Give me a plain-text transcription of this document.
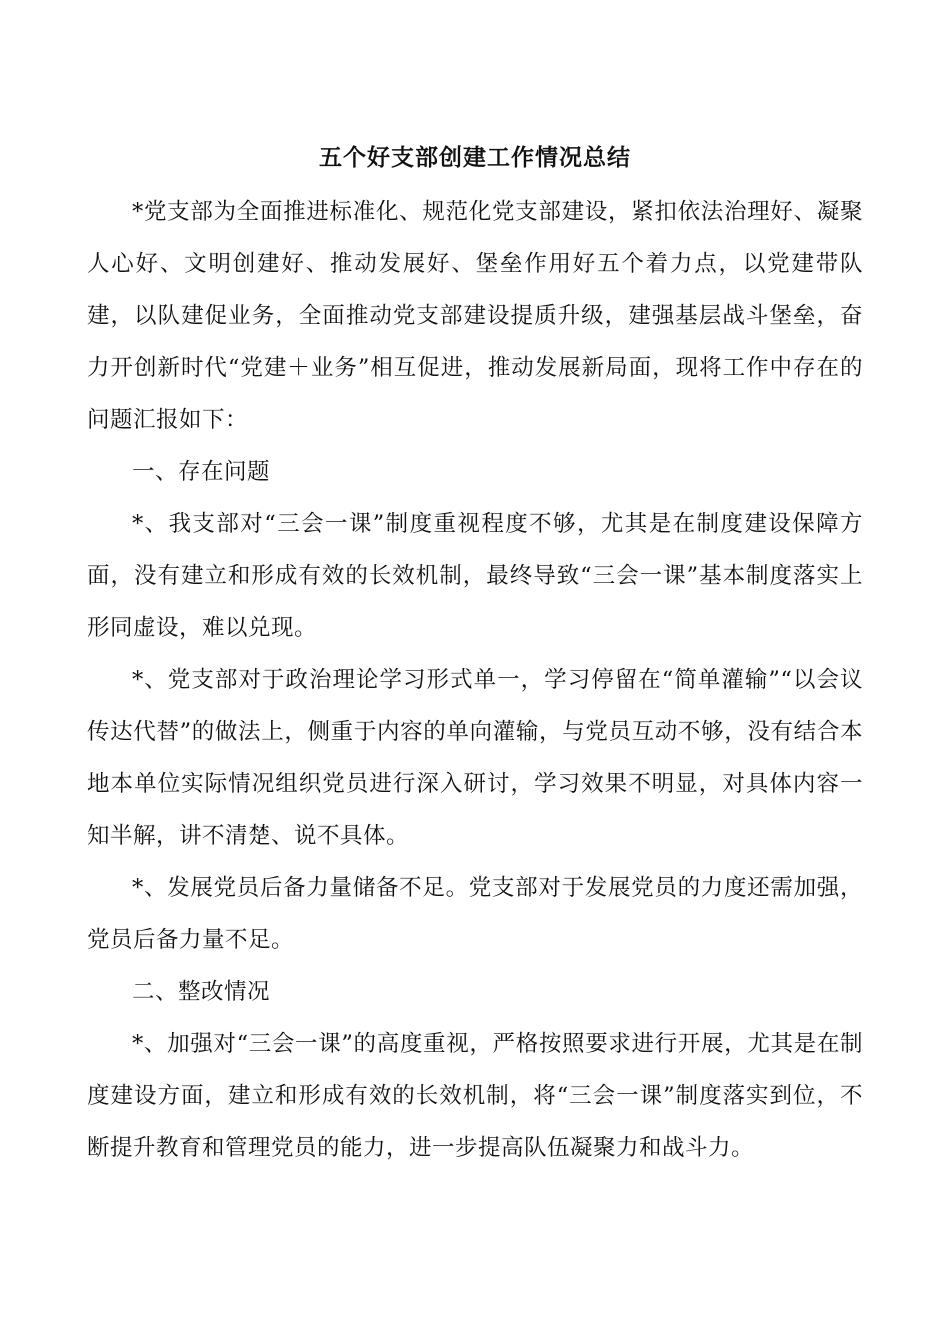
五个好支部创建工作情况总结

*党支部为全面推进标准化、规范化党支部建设，紧扣依法治理好、凝聚人心好、文明创建好、推动发展好、堡垒作用好五个着力点，以党建带队建，以队建促业务，全面推动党支部建设提质升级，建强基层战斗堡垒，奋力开创新时代“党建＋业务”相互促进，推动发展新局面，现将工作中存在的问题汇报如下：

一、存在问题

*、我支部对“三会一课”制度重视程度不够，尤其是在制度建设保障方面，没有建立和形成有效的长效机制，最终导致“三会一课”基本制度落实上形同虚设，难以兑现。

*、党支部对于政治理论学习形式单一，学习停留在“简单灌输”“以会议传达代替”的做法上，侧重于内容的单向灌输，与党员互动不够，没有结合本地本单位实际情况组织党员进行深入研讨，学习效果不明显，对具体内容一知半解，讲不清楚、说不具体。

*、发展党员后备力量储备不足。党支部对于发展党员的力度还需加强，党员后备力量不足。

二、整改情况

*、加强对“三会一课”的高度重视，严格按照要求进行开展，尤其是在制度建设方面，建立和形成有效的长效机制，将“三会一课”制度落实到位，不断提升教育和管理党员的能力，进一步提高队伍凝聚力和战斗力。
